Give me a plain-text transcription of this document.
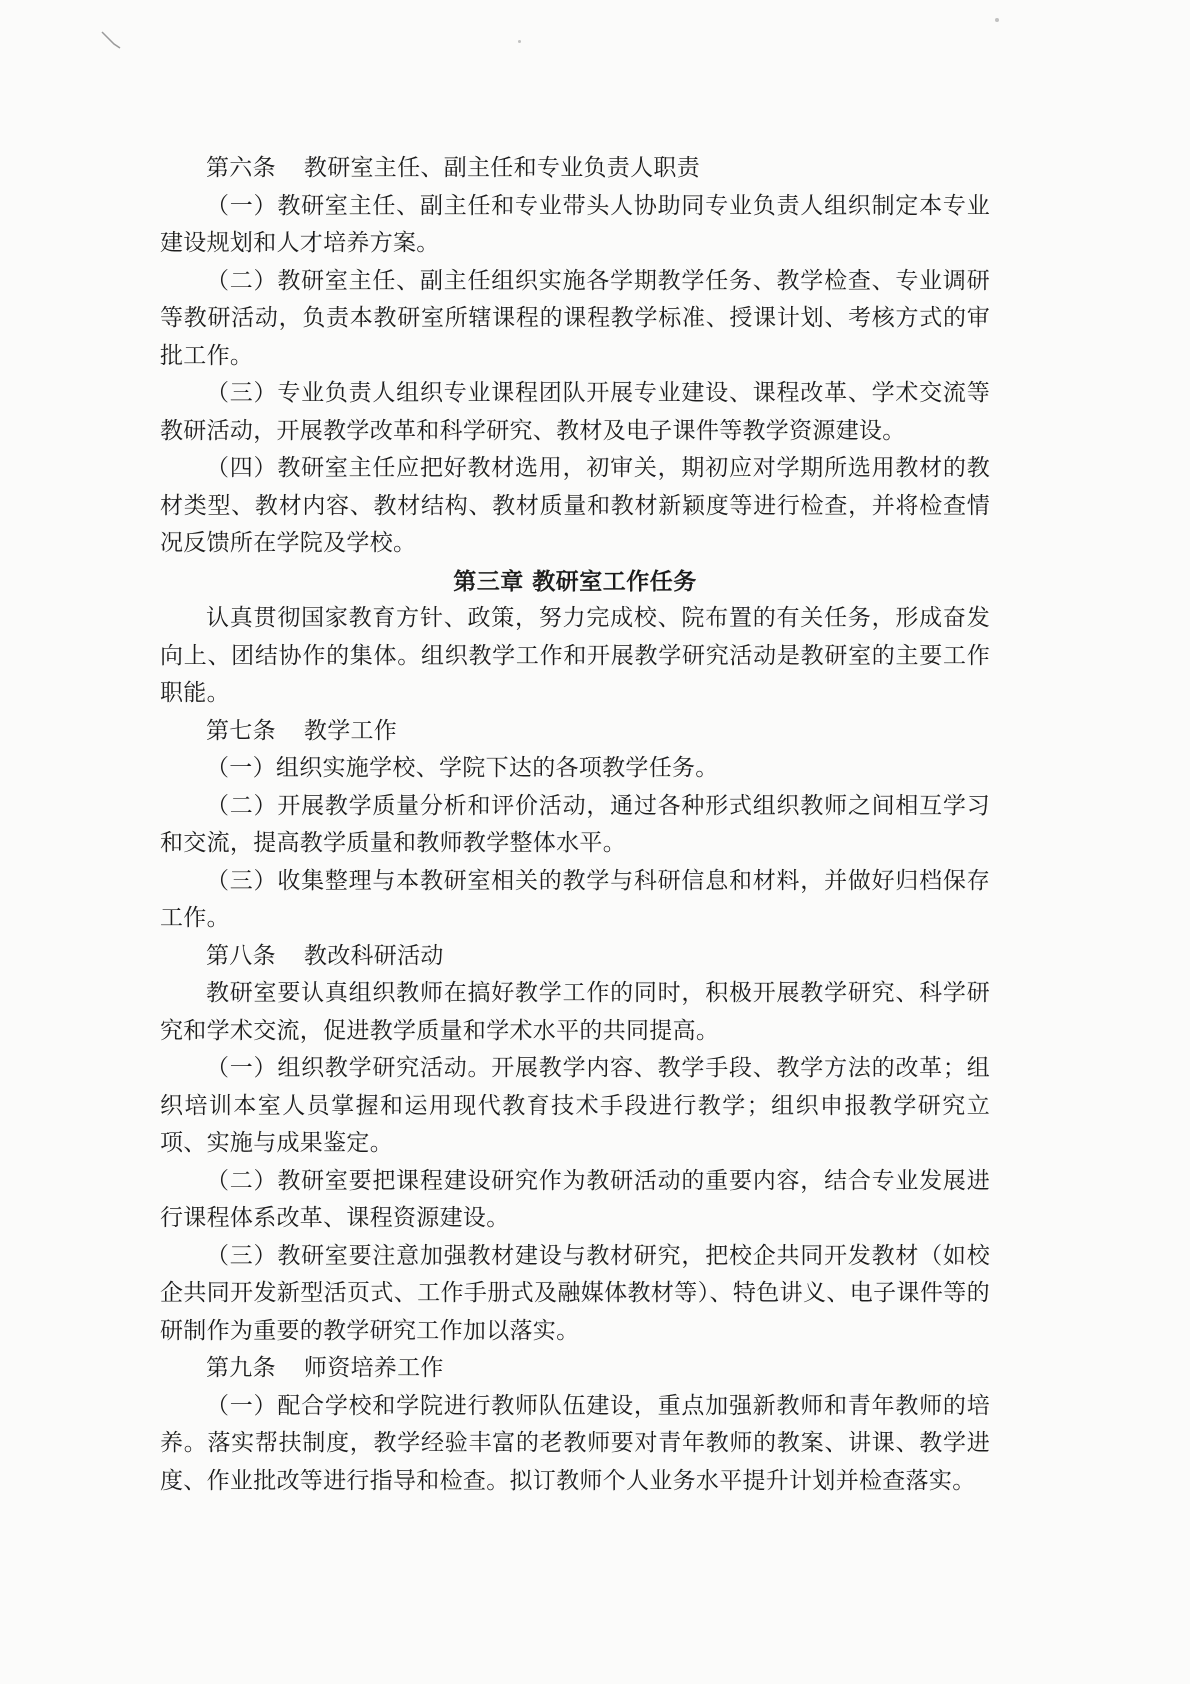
第六条 教研室主任、副主任和专业负责人职责

（一）教研室主任、副主任和专业带头人协助同专业负责人组织制定本专业建设规划和人才培养方案。

（二）教研室主任、副主任组织实施各学期教学任务、教学检查、专业调研等教研活动，负责本教研室所辖课程的课程教学标准、授课计划、考核方式的审批工作。

（三）专业负责人组织专业课程团队开展专业建设、课程改革、学术交流等教研活动，开展教学改革和科学研究、教材及电子课件等教学资源建设。

（四）教研室主任应把好教材选用，初审关，期初应对学期所选用教材的教材类型、教材内容、教材结构、教材质量和教材新颖度等进行检查，并将检查情况反馈所在学院及学校。

第三章 教研室工作任务

认真贯彻国家教育方针、政策，努力完成校、院布置的有关任务，形成奋发向上、团结协作的集体。组织教学工作和开展教学研究活动是教研室的主要工作职能。

第七条 教学工作

（一）组织实施学校、学院下达的各项教学任务。

（二）开展教学质量分析和评价活动，通过各种形式组织教师之间相互学习和交流，提高教学质量和教师教学整体水平。

（三）收集整理与本教研室相关的教学与科研信息和材料，并做好归档保存工作。

第八条 教改科研活动

教研室要认真组织教师在搞好教学工作的同时，积极开展教学研究、科学研究和学术交流，促进教学质量和学术水平的共同提高。

（一）组织教学研究活动。开展教学内容、教学手段、教学方法的改革；组织培训本室人员掌握和运用现代教育技术手段进行教学；组织申报教学研究立项、实施与成果鉴定。

（二）教研室要把课程建设研究作为教研活动的重要内容，结合专业发展进行课程体系改革、课程资源建设。

（三）教研室要注意加强教材建设与教材研究，把校企共同开发教材（如校企共同开发新型活页式、工作手册式及融媒体教材等）、特色讲义、电子课件等的研制作为重要的教学研究工作加以落实。

第九条 师资培养工作

（一）配合学校和学院进行教师队伍建设，重点加强新教师和青年教师的培养。落实帮扶制度，教学经验丰富的老教师要对青年教师的教案、讲课、教学进度、作业批改等进行指导和检查。拟订教师个人业务水平提升计划并检查落实。
